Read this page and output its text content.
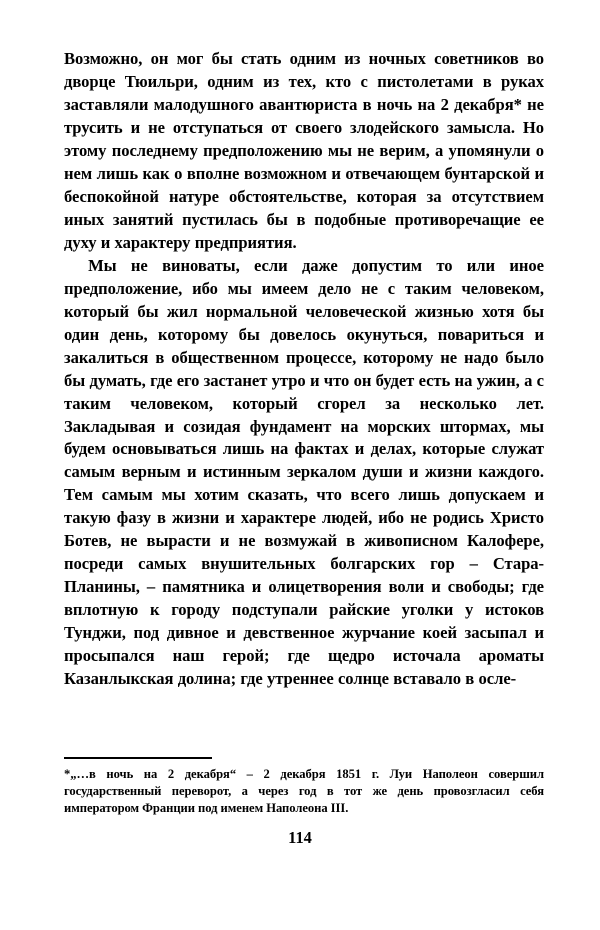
Возможно, он мог бы стать одним из ночных советников во дворце Тюильри, одним из тех, кто с пистолетами в руках заставляли малодушного авантюриста в ночь на 2 декабря* не трусить и не отступаться от своего злодейского замысла. Но этому последнему предположению мы не верим, а упомянули о нем лишь как о вполне возможном и отвечающем бунтарской и беспокойной натуре обстоятельстве, которая за отсутствием иных занятий пустилась бы в подобные противоречащие ее духу и характеру предприятия.

Мы не виноваты, если даже допустим то или иное предположение, ибо мы имеем дело не с таким человеком, который бы жил нормальной человеческой жизнью хотя бы один день, которому бы довелось окунуться, повариться и закалиться в общественном процессе, которому не надо было бы думать, где его застанет утро и что он будет есть на ужин, а с таким человеком, который сгорел за несколько лет. Закладывая и созидая фундамент на морских штормах, мы будем основываться лишь на фактах и делах, которые служат самым верным и истинным зеркалом души и жизни каждого. Тем самым мы хотим сказать, что всего лишь допускаем и такую фазу в жизни и характере людей, ибо не родись Христо Ботев, не вырасти и не возмужай в живописном Калофере, посреди самых внушительных болгарских гор – Стара-Планины, – памятника и олицетворения воли и свободы; где вплотную к городу подступали райские уголки у истоков Тунджи, под дивное и девственное журчание коей засыпал и просыпался наш герой; где щедро источала ароматы Казанлыкская долина; где утреннее солнце вставало в осле-

*„…в ночь на 2 декабря“ – 2 декабря 1851 г. Луи Наполеон совершил государственный переворот, а через год в тот же день провозгласил себя императором Франции под именем Наполеона III.

114
